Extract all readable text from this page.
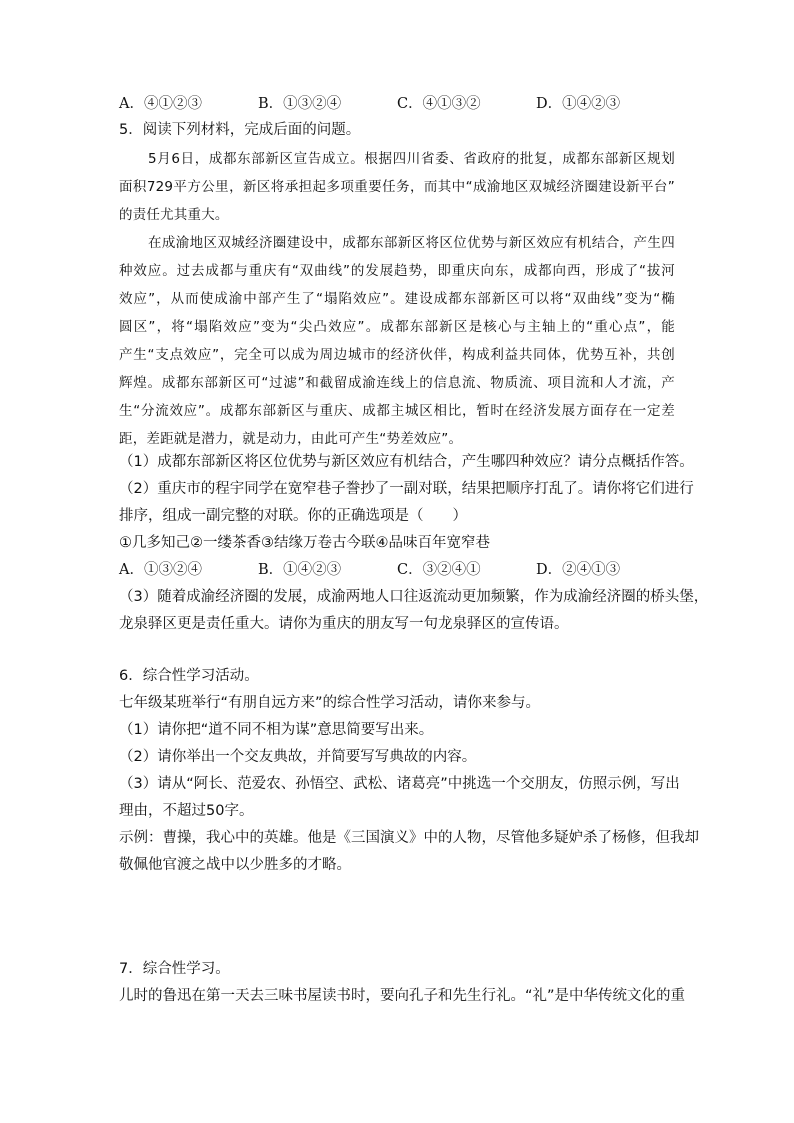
A．④①②③	B．①③②④	C．④①③②	D．①④②③
5．阅读下列材料，完成后面的问题。
5月6日，成都东部新区宣告成立。根据四川省委、省政府的批复，成都东部新区规划
面积729平方公里，新区将承担起多项重要任务，而其中“成渝地区双城经济圈建设新平台”
的责任尤其重大。
在成渝地区双城经济圈建设中，成都东部新区将区位优势与新区效应有机结合，产生四
种效应。过去成都与重庆有“双曲线”的发展趋势，即重庆向东，成都向西，形成了“拔河
效应”，从而使成渝中部产生了“塌陷效应”。建设成都东部新区可以将“双曲线”变为“椭
圆区”，将“塌陷效应”变为“尖凸效应”。成都东部新区是核心与主轴上的“重心点”，能
产生“支点效应”，完全可以成为周边城市的经济伙伴，构成利益共同体，优势互补，共创
辉煌。成都东部新区可“过滤”和截留成渝连线上的信息流、物质流、项目流和人才流，产
生“分流效应”。成都东部新区与重庆、成都主城区相比，暂时在经济发展方面存在一定差
距，差距就是潜力，就是动力，由此可产生“势差效应”。
（1）成都东部新区将区位优势与新区效应有机结合，产生哪四种效应？请分点概括作答。
（2）重庆市的程宇同学在宽窄巷子誊抄了一副对联，结果把顺序打乱了。请你将它们进行
排序，组成一副完整的对联。你的正确选项是（　　）
①几多知己②一缕茶香③结缘万卷古今联④品味百年宽窄巷
A．①③②④	B．①④②③	C．③②④①	D．②④①③
（3）随着成渝经济圈的发展，成渝两地人口往返流动更加频繁，作为成渝经济圈的桥头堡，
龙泉驿区更是责任重大。请你为重庆的朋友写一句龙泉驿区的宣传语。
6．综合性学习活动。
七年级某班举行“有朋自远方来”的综合性学习活动，请你来参与。
（1）请你把“道不同不相为谋”意思简要写出来。
（2）请你举出一个交友典故，并简要写写典故的内容。
（3）请从“阿长、范爱农、孙悟空、武松、诸葛亮”中挑选一个交朋友，仿照示例，写出
理由，不超过50字。
示例：曹操，我心中的英雄。他是《三国演义》中的人物，尽管他多疑妒杀了杨修，但我却
敬佩他官渡之战中以少胜多的才略。
7．综合性学习。
儿时的鲁迅在第一天去三味书屋读书时，要向孔子和先生行礼。“礼”是中华传统文化的重
